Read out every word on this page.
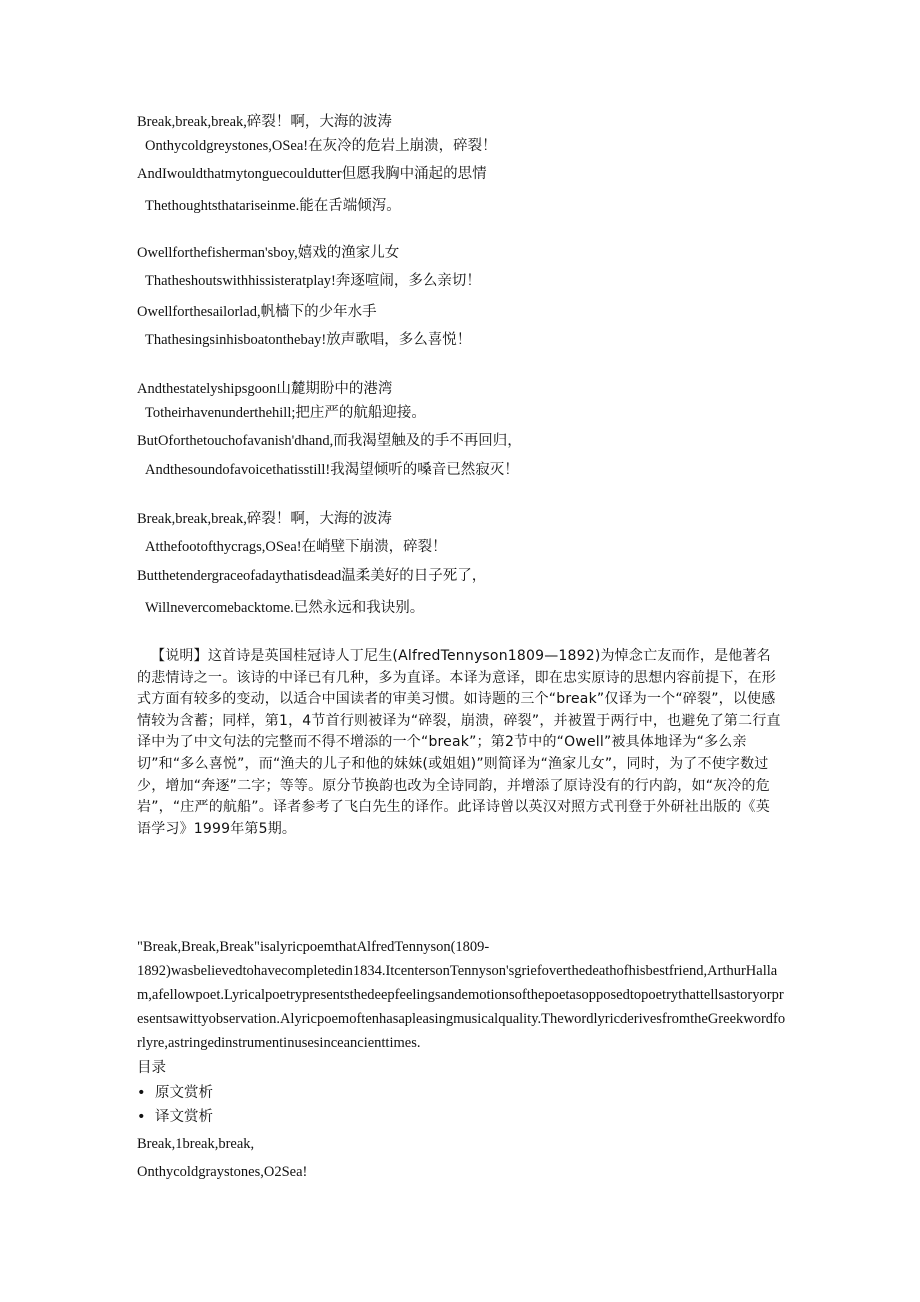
Break,break,break,碎裂！啊，大海的波涛

Onthycoldgreystones,OSea!在灰冷的危岩上崩溃，碎裂！

AndIwouldthatmytonguecouldutter但愿我胸中涌起的思情

Thethoughtsthatariseinme.能在舌端倾泻。

Owellforthefisherman'sboy,嬉戏的渔家儿女

Thatheshoutswithhissisteratplay!奔逐喧闹，多么亲切！

Owellforthesailorlad,帆樯下的少年水手

Thathesingsinhisboatonthebay!放声歌唱，多么喜悦！

Andthestatelyshipsgoon山麓期盼中的港湾

Totheirhavenunderthehill;把庄严的航船迎接。

ButOforthetouchofavanish'dhand,而我渴望触及的手不再回归，

Andthesoundofavoicethatisstill!我渴望倾听的嗓音已然寂灭！

Break,break,break,碎裂！啊，大海的波涛

Atthefootofthycrags,OSea!在峭壁下崩溃，碎裂！

Butthetendergraceofadaythatisdead温柔美好的日子死了，

Willnevercomebacktome.已然永远和我诀别。

【说明】这首诗是英国桂冠诗人丁尼生(AlfredTennyson1809—1892)为悼念亡友而作，是他著名的悲情诗之一。该诗的中译已有几种，多为直译。本译为意译，即在忠实原诗的思想内容前提下，在形式方面有较多的变动，以适合中国读者的审美习惯。如诗题的三个“break”仅译为一个“碎裂”，以使感情较为含蓄；同样，第1，4节首行则被译为“碎裂，崩溃，碎裂”，并被置于两行中，也避免了第二行直译中为了中文句法的完整而不得不增添的一个“break”；第2节中的“Owell”被具体地译为“多么亲切”和“多么喜悦”，而“渔夫的儿子和他的妹妹(或姐姐)”则简译为“渔家儿女”，同时，为了不使字数过少，增加“奔逐”二字；等等。原分节换韵也改为全诗同韵，并增添了原诗没有的行内韵，如“灰冷的危岩”，“庄严的航船”。译者参考了飞白先生的译作。此译诗曾以英汉对照方式刊登于外研社出版的《英语学习》1999年第5期。

"Break,Break,Break"isalyricpoemthatAlfredTennyson(1809-
1892)wasbelievedtohavecompletedin1834.ItcentersonTennyson'sgriefoverthedeathofhisbestfriend,ArthurHallam,afellowpoet.Lyricalpoetrypresentsthedeepfeelingsandemotionsofthepoetasopposedtopoetrythattellsastoryorpresentsawittyobservation.Alyricpoemoftenhasapleasingmusicalquality.ThewordlyricderivesfromtheGreekwordforlyre,astringedinstrumentinusesinceancienttimes.

目录

• 原文赏析
• 译文赏析

Break,1break,break,

Onthycoldgraystones,O2Sea!
